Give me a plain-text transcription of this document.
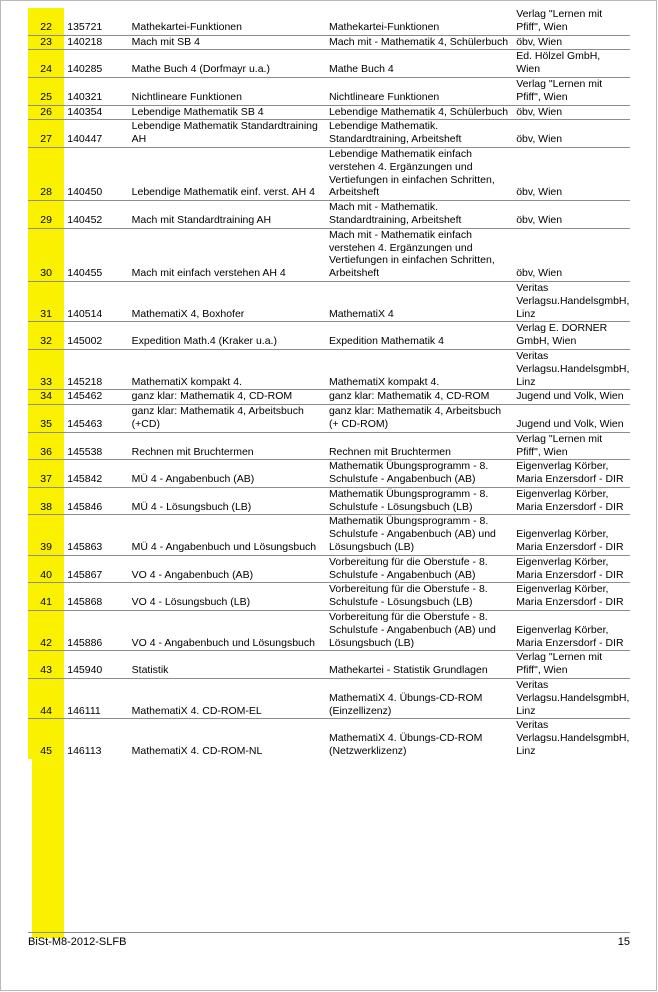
22	135721	Mathekartei-Funktionen	Mathekartei-Funktionen	Verlag "Lernen mit Pfiff", Wien
23	140218	Mach mit SB 4	Mach mit - Mathematik 4, Schülerbuch	öbv, Wien
24	140285	Mathe Buch 4 (Dorfmayr u.a.)	Mathe Buch 4	Ed. Hölzel GmbH, Wien
25	140321	Nichtlineare Funktionen	Nichtlineare Funktionen	Verlag "Lernen mit Pfiff", Wien
26	140354	Lebendige Mathematik SB 4	Lebendige Mathematik 4, Schülerbuch	öbv, Wien
27	140447	Lebendige Mathematik Standardtraining AH	Lebendige Mathematik. Standardtraining, Arbeitsheft	öbv, Wien
28	140450	Lebendige Mathematik einf. verst. AH 4	Lebendige Mathematik einfach verstehen 4. Ergänzungen und Vertiefungen in einfachen Schritten, Arbeitsheft	öbv, Wien
29	140452	Mach mit Standardtraining AH	Mach mit - Mathematik. Standardtraining, Arbeitsheft	öbv, Wien
30	140455	Mach mit einfach verstehen AH 4	Mach mit - Mathematik einfach verstehen 4. Ergänzungen und Vertiefungen in einfachen Schritten, Arbeitsheft	öbv, Wien
31	140514	MathematiX 4, Boxhofer	MathematiX 4	Veritas Verlagsu.HandelsgmbH, Linz
32	145002	Expedition Math.4 (Kraker u.a.)	Expedition Mathematik 4	Verlag E. DORNER GmbH, Wien
33	145218	MathematiX kompakt 4.	MathematiX kompakt 4.	Veritas Verlagsu.HandelsgmbH, Linz
34	145462	ganz klar: Mathematik 4, CD-ROM	ganz klar: Mathematik 4, CD-ROM	Jugend und Volk, Wien
35	145463	ganz klar: Mathematik 4, Arbeitsbuch (+CD)	ganz klar: Mathematik 4, Arbeitsbuch (+ CD-ROM)	Jugend und Volk, Wien
36	145538	Rechnen mit Bruchtermen	Rechnen mit Bruchtermen	Verlag "Lernen mit Pfiff", Wien
37	145842	MÜ 4 - Angabenbuch (AB)	Mathematik Übungsprogramm - 8. Schulstufe - Angabenbuch (AB)	Eigenverlag Körber, Maria Enzersdorf - DIR
38	145846	MÜ 4 - Lösungsbuch (LB)	Mathematik Übungsprogramm - 8. Schulstufe - Lösungsbuch (LB)	Eigenverlag Körber, Maria Enzersdorf - DIR
39	145863	MÜ 4 - Angabenbuch und Lösungsbuch	Mathematik Übungsprogramm - 8. Schulstufe - Angabenbuch (AB) und Lösungsbuch (LB)	Eigenverlag Körber, Maria Enzersdorf - DIR
40	145867	VO 4 - Angabenbuch (AB)	Vorbereitung für die Oberstufe - 8. Schulstufe - Angabenbuch (AB)	Eigenverlag Körber, Maria Enzersdorf - DIR
41	145868	VO 4 - Lösungsbuch (LB)	Vorbereitung für die Oberstufe - 8. Schulstufe - Lösungsbuch (LB)	Eigenverlag Körber, Maria Enzersdorf - DIR
42	145886	VO 4 - Angabenbuch und Lösungsbuch	Vorbereitung für die Oberstufe - 8. Schulstufe - Angabenbuch (AB) und Lösungsbuch (LB)	Eigenverlag Körber, Maria Enzersdorf - DIR
43	145940	Statistik	Mathekartei - Statistik Grundlagen	Verlag "Lernen mit Pfiff", Wien
44	146111	MathematiX 4. CD-ROM-EL	MathematiX 4. Übungs-CD-ROM (Einzellizenz)	Veritas Verlagsu.HandelsgmbH, Linz
45	146113	MathematiX 4. CD-ROM-NL	MathematiX 4. Übungs-CD-ROM (Netzwerklizenz)	Veritas Verlagsu.HandelsgmbH, Linz
BiSt-M8-2012-SLFB	15
